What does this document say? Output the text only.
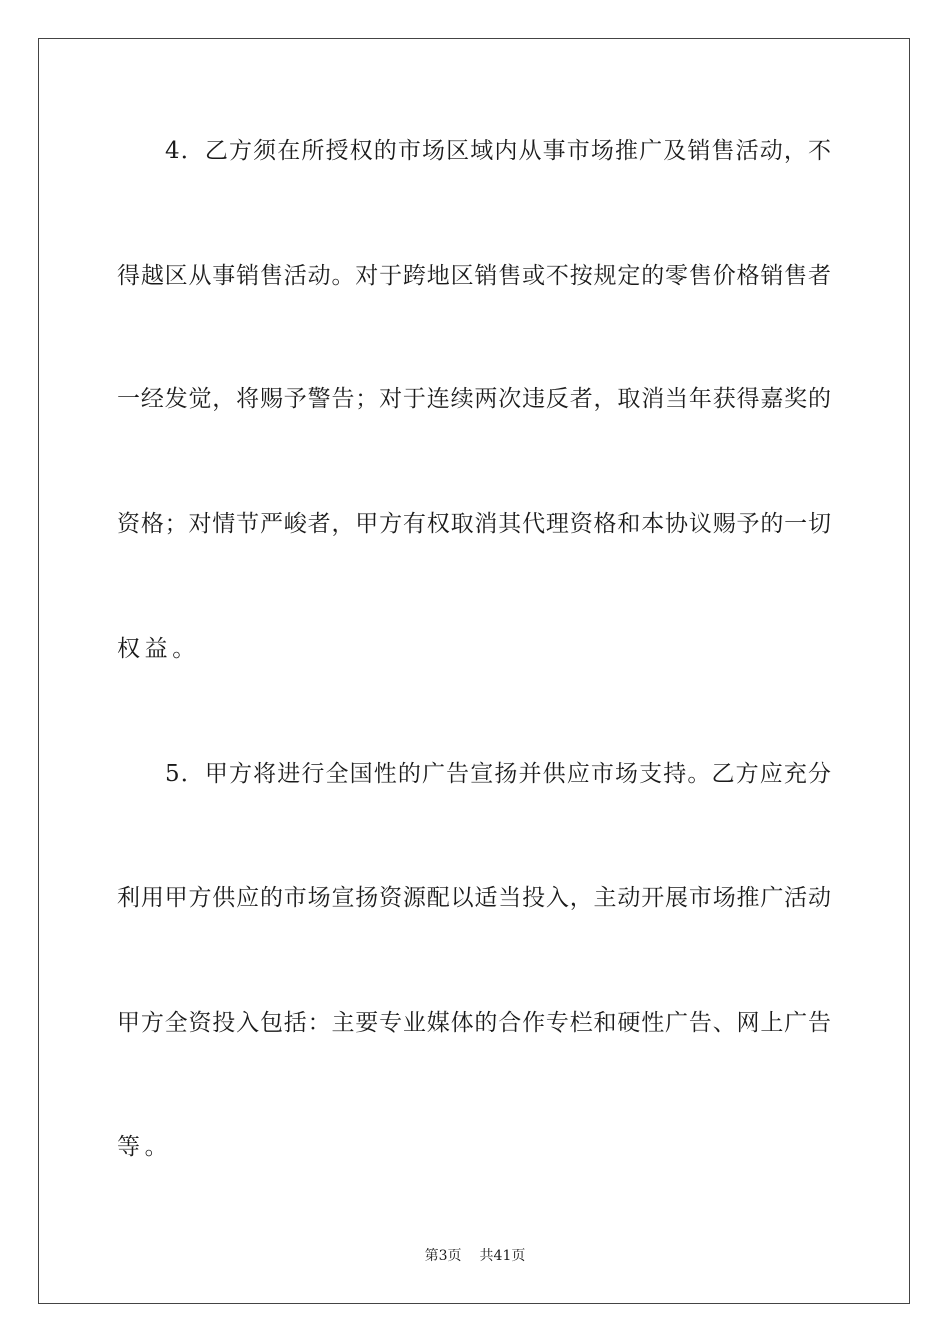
4．乙方须在所授权的市场区域内从事市场推广及销售活动，不
得越区从事销售活动。对于跨地区销售或不按规定的零售价格销售者
一经发觉，将赐予警告；对于连续两次违反者，取消当年获得嘉奖的
资格；对情节严峻者，甲方有权取消其代理资格和本协议赐予的一切
权益。
5．甲方将进行全国性的广告宣扬并供应市场支持。乙方应充分
利用甲方供应的市场宣扬资源配以适当投入，主动开展市场推广活动
甲方全资投入包括：主要专业媒体的合作专栏和硬性广告、网上广告
等。
第3页 共41页
